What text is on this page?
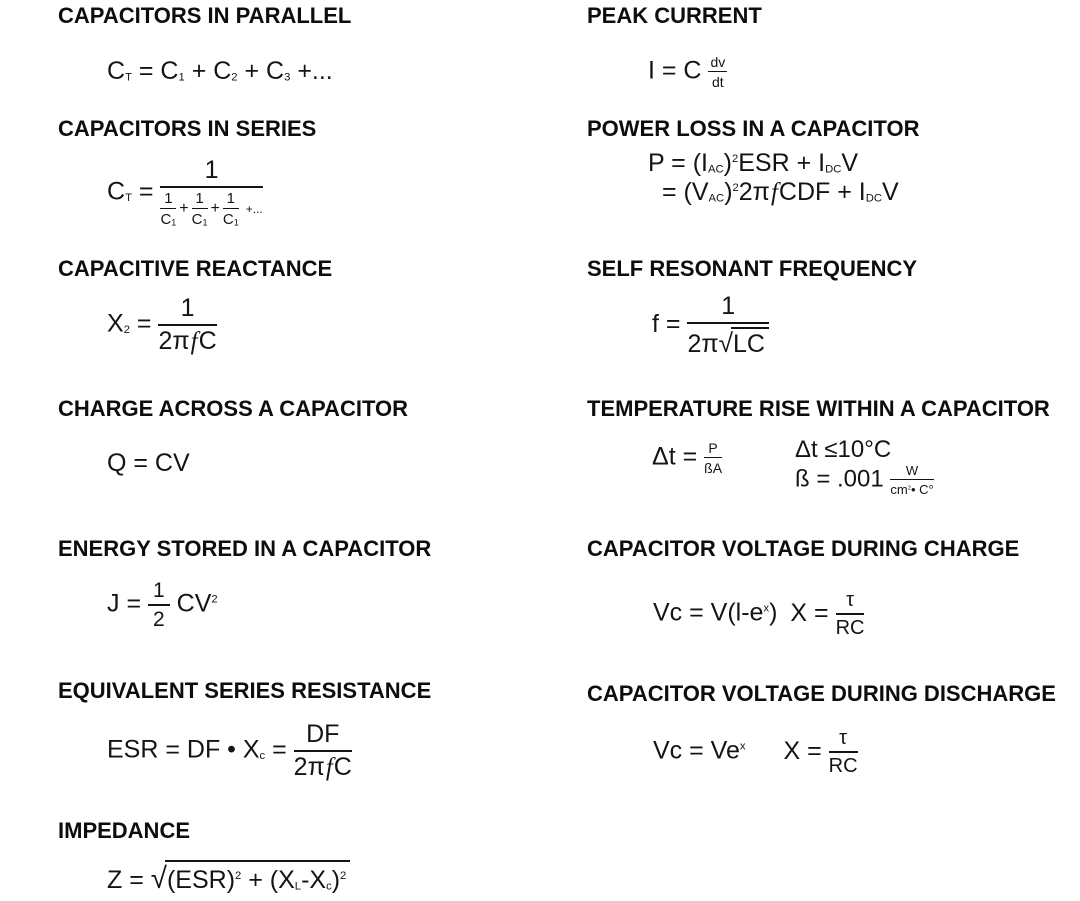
CAPACITORS IN PARALLEL
CT = C1 + C2 + C3 +...
CAPACITORS IN SERIES
CT = $\frac{1}{\frac{1}{C1} + \frac{1}{C1} + \frac{1}{C1} +...}$
CAPACITIVE REACTANCE
X2 =
1
2πfC
CHARGE ACROSS A CAPACITOR
Q = CV
ENERGY STORED IN A CAPACITOR
$J = \frac{1}{2} CV^2$
EQUIVALENT SERIES RESISTANCE
ESR = DF • Xc =
DF
2πfC
IMPEDANCE
Z = √ $(ESR)^2 + (XL-Xc)^2$
PEAK CURRENT
I = C $\frac{dv}{dt}$
POWER LOSS IN A CAPACITOR
P = (IAC)$^2$ESR + IDCV
= (VAC)$^2$2πfCDF + IDCV
SELF RESONANT FREQUENCY
$f = \frac{1}{2\pi √ LC}$
TEMPERATURE RISE WITHIN A CAPACITOR
$\Delta t = \frac{P}{ßA}$	Δt ≤10°C
ß = $.001 \frac{W}{cm^2• C^\circ}$
CAPACITOR VOLTAGE DURING CHARGE
$Vc = V(l-e^x) X = \frac{\tau}{RC}$
CAPACITOR VOLTAGE DURING DISCHARGE
$Vc = Ve^x$ $X = \frac{\tau}{RC}$
